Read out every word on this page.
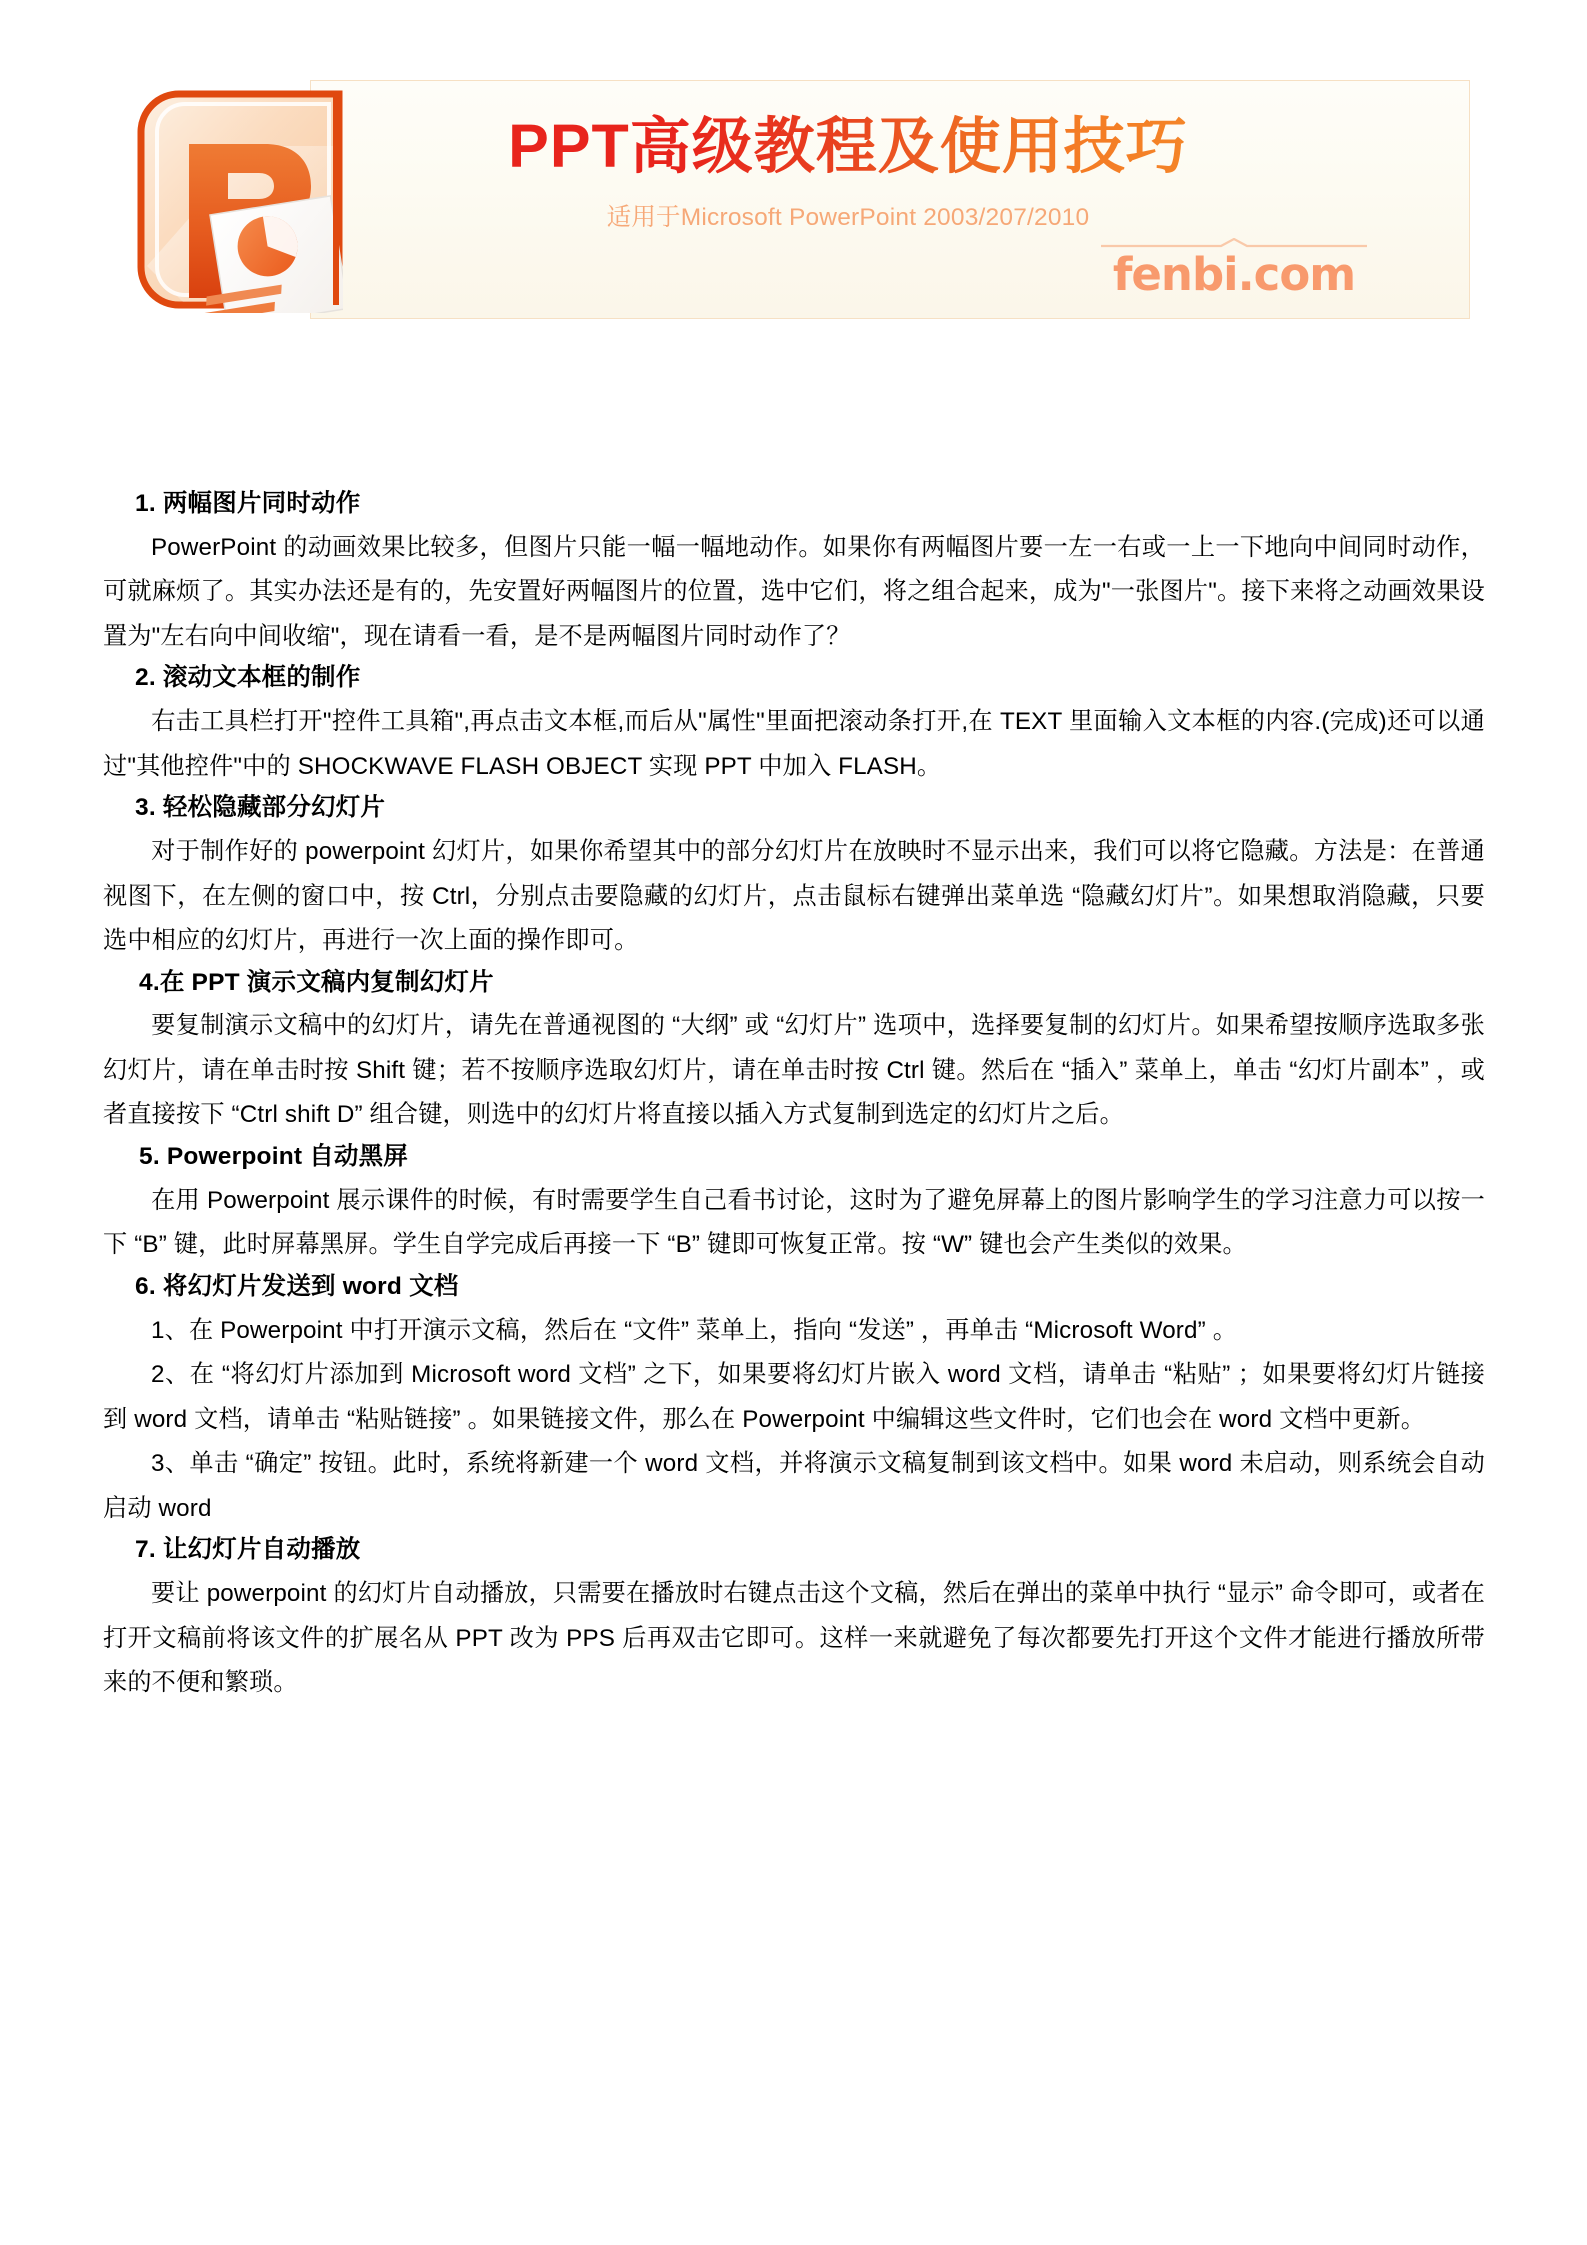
PPT高级教程及使用技巧
适用于Microsoft PowerPoint 2003/207/2010
fenbi.com
1. 两幅图片同时动作

PowerPoint 的动画效果比较多，但图片只能一幅一幅地动作。如果你有两幅图片要一左一右或一上一下地向中间同时动作，可就麻烦了。其实办法还是有的，先安置好两幅图片的位置，选中它们，将之组合起来，成为"一张图片"。接下来将之动画效果设置为"左右向中间收缩"，现在请看一看，是不是两幅图片同时动作了？

2. 滚动文本框的制作

右击工具栏打开"控件工具箱",再点击文本框,而后从"属性"里面把滚动条打开,在 TEXT 里面输入文本框的内容.(完成)还可以通过"其他控件"中的 SHOCKWAVE FLASH OBJECT 实现 PPT 中加入 FLASH。

3. 轻松隐藏部分幻灯片

对于制作好的 powerpoint 幻灯片，如果你希望其中的部分幻灯片在放映时不显示出来，我们可以将它隐藏。方法是：在普通视图下，在左侧的窗口中，按 Ctrl，分别点击要隐藏的幻灯片，点击鼠标右键弹出菜单选 “隐藏幻灯片”。如果想取消隐藏，只要选中相应的幻灯片，再进行一次上面的操作即可。

4.在 PPT 演示文稿内复制幻灯片

要复制演示文稿中的幻灯片，请先在普通视图的 “大纲” 或 “幻灯片” 选项中，选择要复制的幻灯片。如果希望按顺序选取多张幻灯片，请在单击时按 Shift 键；若不按顺序选取幻灯片，请在单击时按 Ctrl 键。然后在 “插入” 菜单上，单击 “幻灯片副本” ，或者直接按下 “Ctrl shift D” 组合键，则选中的幻灯片将直接以插入方式复制到选定的幻灯片之后。

5. Powerpoint 自动黑屏

在用 Powerpoint 展示课件的时候，有时需要学生自己看书讨论，这时为了避免屏幕上的图片影响学生的学习注意力可以按一下 “B” 键，此时屏幕黑屏。学生自学完成后再接一下 “B” 键即可恢复正常。按 “W” 键也会产生类似的效果。

6. 将幻灯片发送到 word 文档

1、在 Powerpoint 中打开演示文稿，然后在 “文件” 菜单上，指向 “发送” ，再单击 “Microsoft Word” 。

2、在 “将幻灯片添加到 Microsoft word 文档” 之下，如果要将幻灯片嵌入 word 文档，请单击 “粘贴” ；如果要将幻灯片链接到 word 文档，请单击 “粘贴链接” 。如果链接文件，那么在 Powerpoint 中编辑这些文件时，它们也会在 word 文档中更新。

3、单击 “确定” 按钮。此时，系统将新建一个 word 文档，并将演示文稿复制到该文档中。如果 word 未启动，则系统会自动启动 word

7. 让幻灯片自动播放

要让 powerpoint 的幻灯片自动播放，只需要在播放时右键点击这个文稿，然后在弹出的菜单中执行 “显示” 命令即可，或者在打开文稿前将该文件的扩展名从 PPT 改为 PPS 后再双击它即可。这样一来就避免了每次都要先打开这个文件才能进行播放所带来的不便和繁琐。
